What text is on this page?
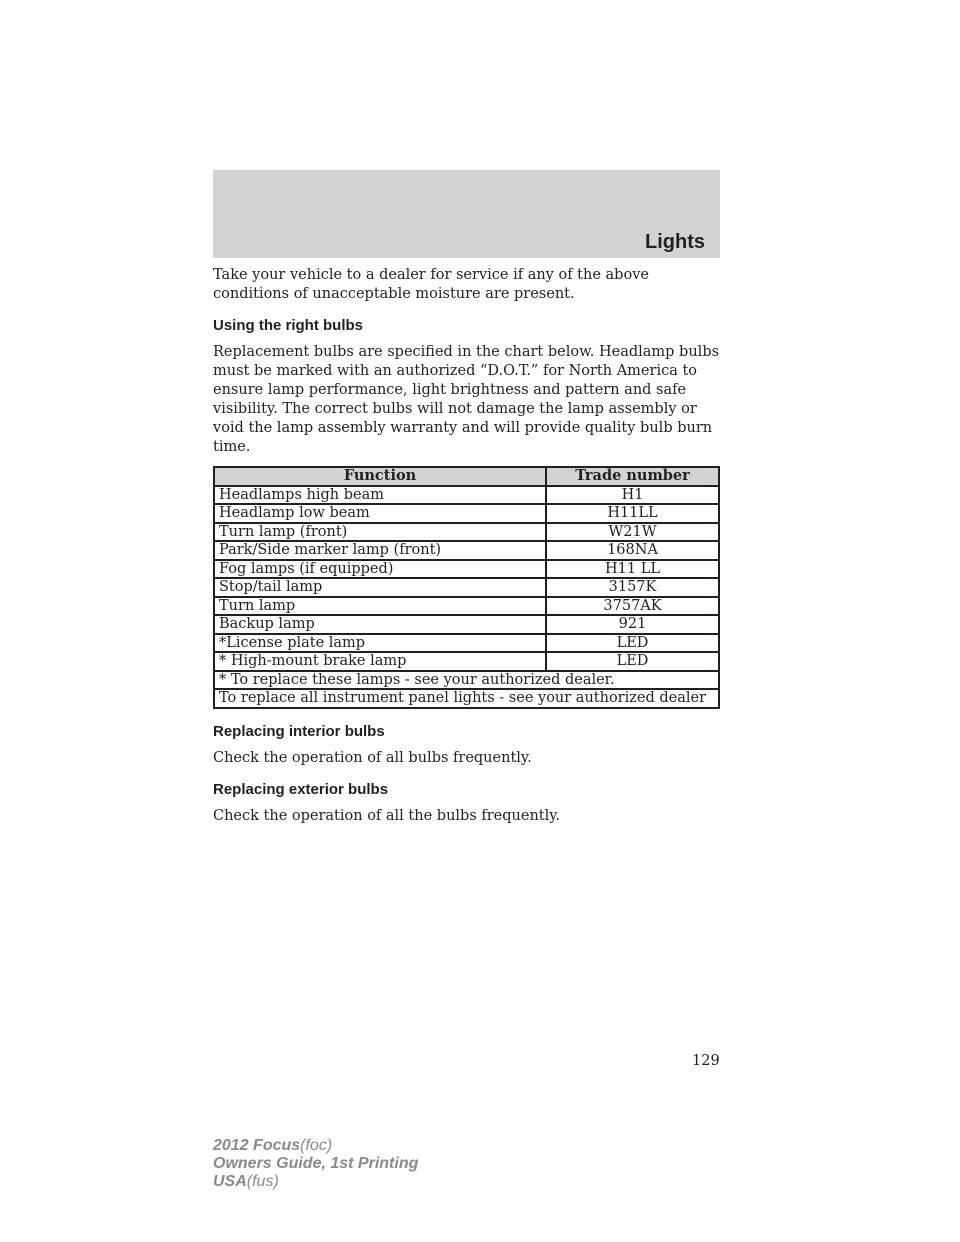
Lights

Take your vehicle to a dealer for service if any of the above conditions of unacceptable moisture are present.

Using the right bulbs

Replacement bulbs are specified in the chart below. Headlamp bulbs must be marked with an authorized “D.O.T.” for North America to ensure lamp performance, light brightness and pattern and safe visibility. The correct bulbs will not damage the lamp assembly or void the lamp assembly warranty and will provide quality bulb burn time.

Function	Trade number
Headlamps high beam	H1
Headlamp low beam	H11LL
Turn lamp (front)	W21W
Park/Side marker lamp (front)	168NA
Fog lamps (if equipped)	H11 LL
Stop/tail lamp	3157K
Turn lamp	3757AK
Backup lamp	921
*License plate lamp	LED
* High-mount brake lamp	LED
* To replace these lamps - see your authorized dealer.	
To replace all instrument panel lights - see your authorized dealer	
Replacing interior bulbs

Check the operation of all bulbs frequently.

Replacing exterior bulbs

Check the operation of all the bulbs frequently.

129
2012 Focus(foc)
Owners Guide, 1st Printing
USA(fus)
